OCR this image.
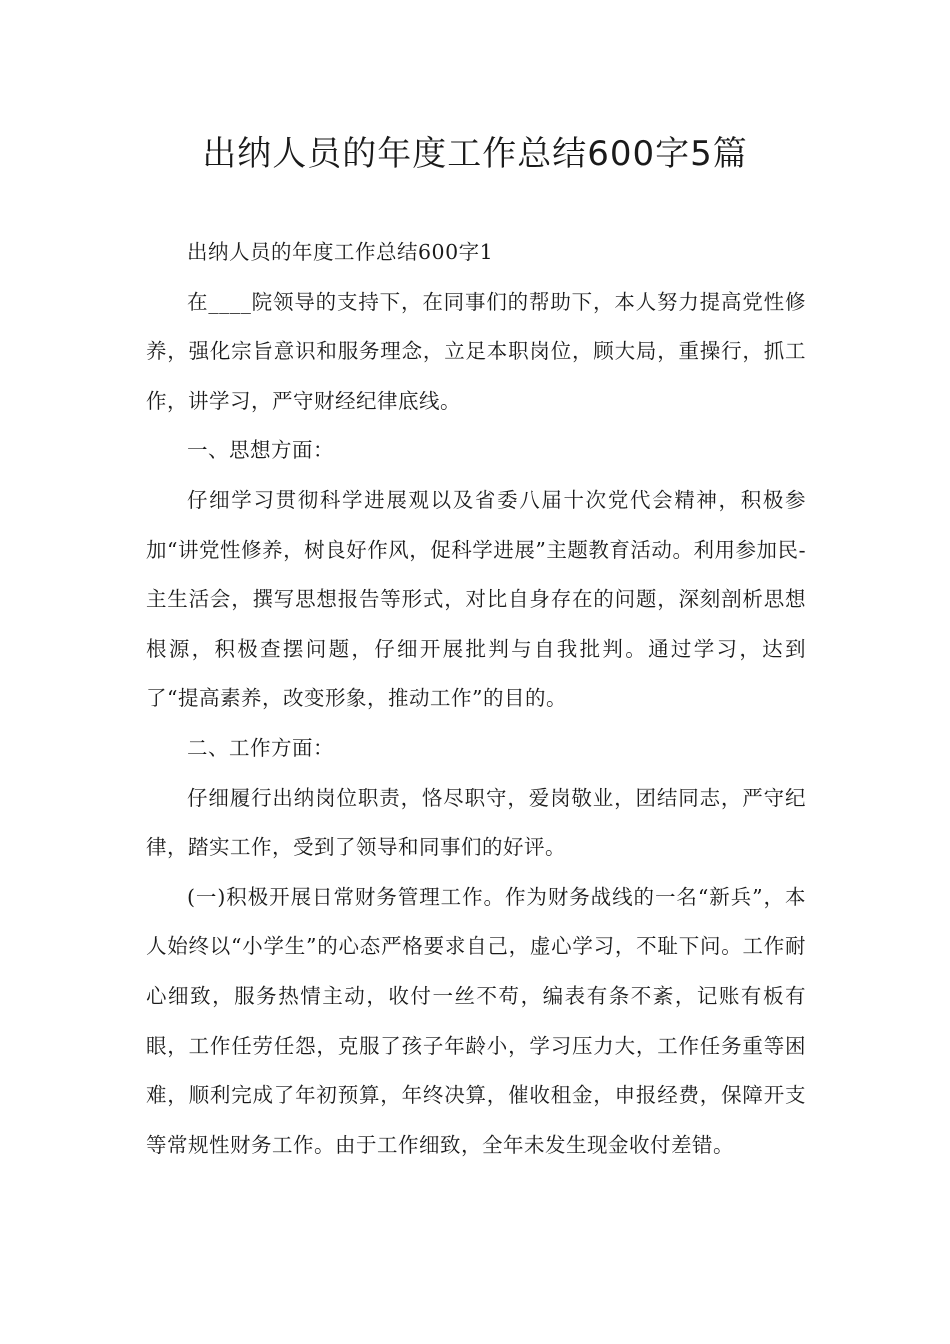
出纳人员的年度工作总结600字5篇

出纳人员的年度工作总结600字1

在____院领导的支持下，在同事们的帮助下，本人努力提高党性修养，强化宗旨意识和服务理念，立足本职岗位，顾大局，重操行，抓工作，讲学习，严守财经纪律底线。

一、思想方面：

仔细学习贯彻科学进展观以及省委八届十次党代会精神，积极参加“讲党性修养，树良好作风，促科学进展”主题教育活动。利用参加民-主生活会，撰写思想报告等形式，对比自身存在的问题，深刻剖析思想根源，积极查摆问题，仔细开展批判与自我批判。通过学习，达到了“提高素养，改变形象，推动工作”的目的。

二、工作方面：

仔细履行出纳岗位职责，恪尽职守，爱岗敬业，团结同志，严守纪律，踏实工作，受到了领导和同事们的好评。

(一)积极开展日常财务管理工作。作为财务战线的一名“新兵”，本人始终以“小学生”的心态严格要求自己，虚心学习，不耻下问。工作耐心细致，服务热情主动，收付一丝不苟，编表有条不紊，记账有板有眼，工作任劳任怨，克服了孩子年龄小，学习压力大，工作任务重等困难，顺利完成了年初预算，年终决算，催收租金，申报经费，保障开支等常规性财务工作。由于工作细致，全年未发生现金收付差错。
